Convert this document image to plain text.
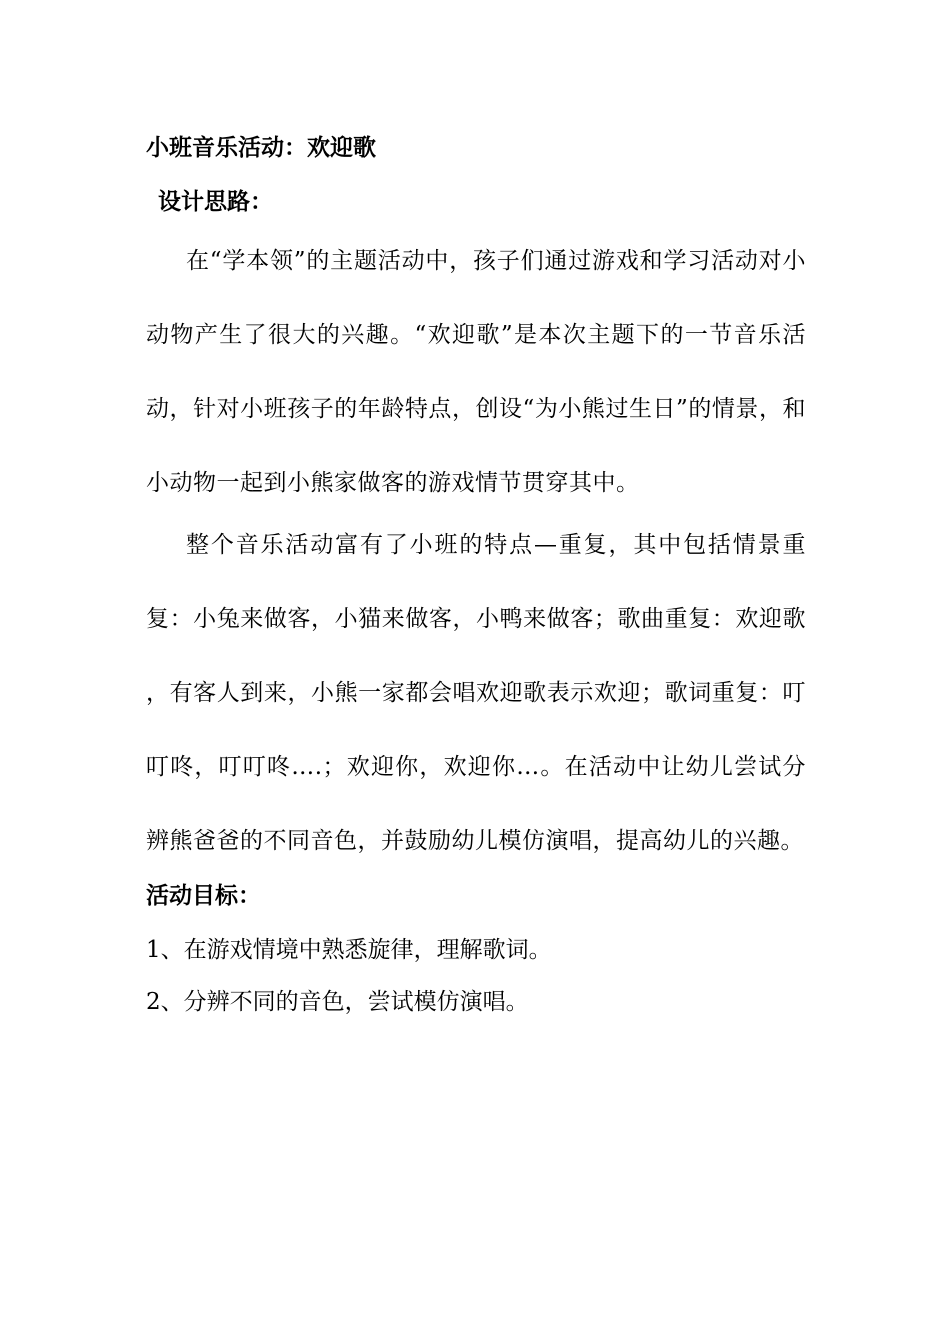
小班音乐活动：欢迎歌
设计思路：

在“学本领”的主题活动中，孩子们通过游戏和学习活动对小动物产生了很大的兴趣。“欢迎歌”是本次主题下的一节音乐活动，针对小班孩子的年龄特点，创设“为小熊过生日”的情景，和小动物一起到小熊家做客的游戏情节贯穿其中。

整个音乐活动富有了小班的特点—重复，其中包括情景重复：小兔来做客，小猫来做客，小鸭来做客；歌曲重复：欢迎歌 ，有客人到来，小熊一家都会唱欢迎歌表示欢迎；歌词重复：叮叮咚，叮叮咚….；欢迎你，欢迎你…。在活动中让幼儿尝试分辨熊爸爸的不同音色，并鼓励幼儿模仿演唱，提高幼儿的兴趣。

活动目标：

1、在游戏情境中熟悉旋律，理解歌词。

2、分辨不同的音色，尝试模仿演唱。
